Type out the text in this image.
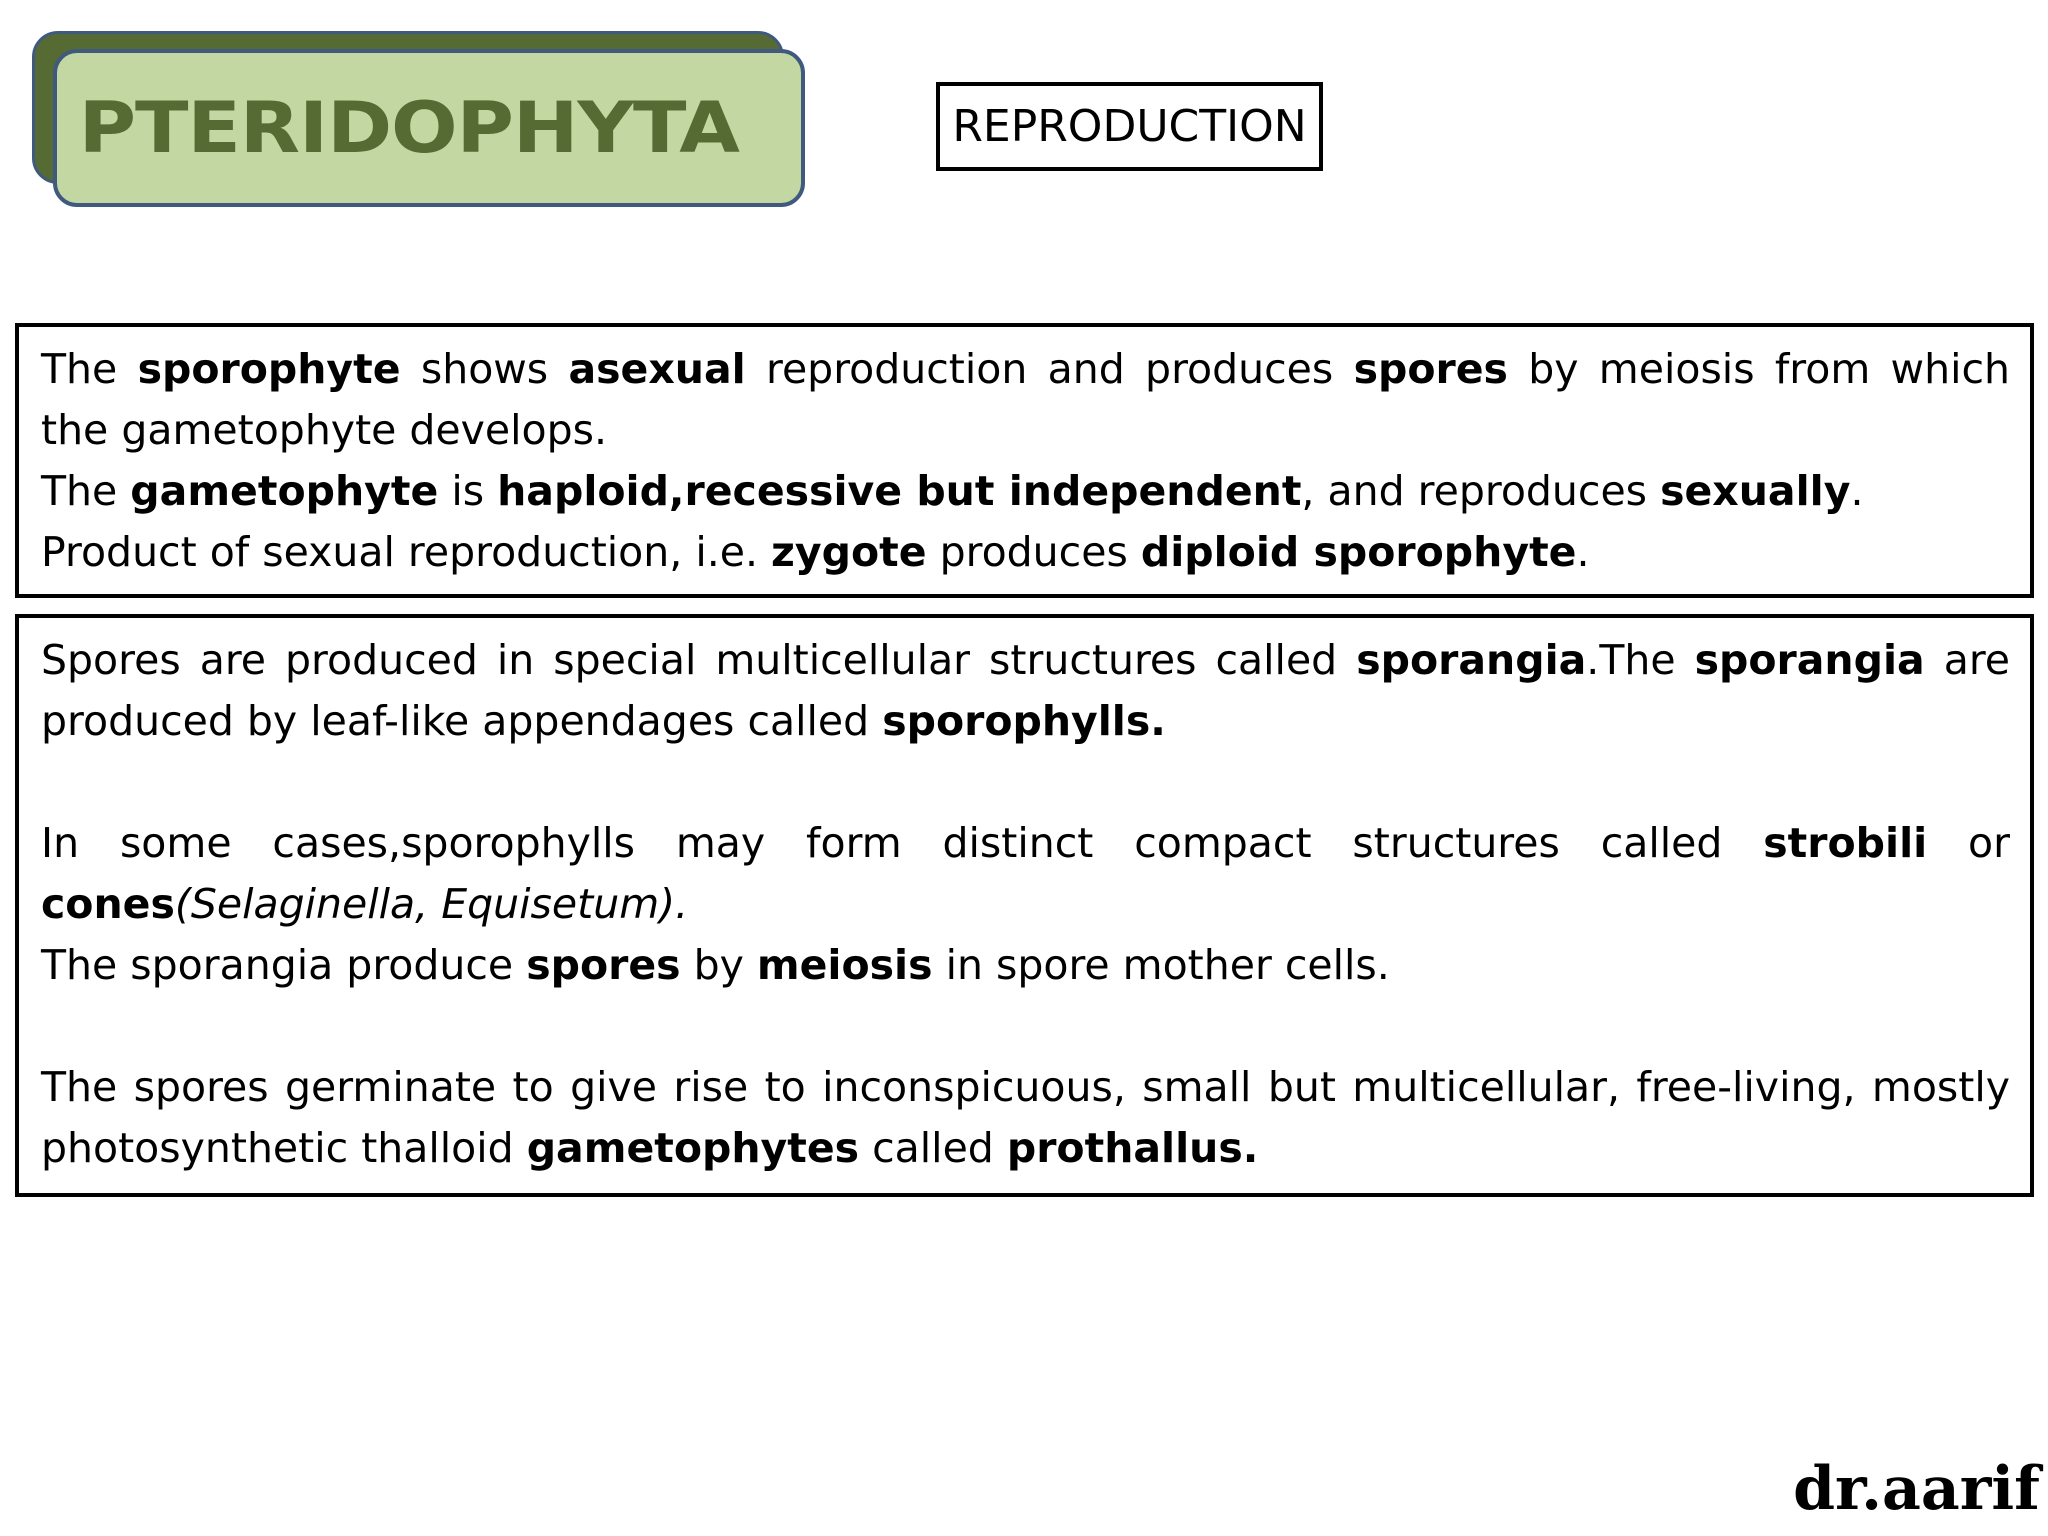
PTERIDOPHYTA	REPRODUCTION

The sporophyte shows asexual reproduction and produces spores by meiosis from which the gametophyte develops.

The gametophyte is haploid,recessive but independent, and reproduces sexually.

Product of sexual reproduction, i.e. zygote produces diploid sporophyte.

Spores are produced in special multicellular structures called sporangia.The sporangia are produced by leaf-like appendages called sporophylls.

In some cases,sporophylls may form distinct compact structures called strobili or cones(Selaginella, Equisetum).

The sporangia produce spores by meiosis in spore mother cells.

The spores germinate to give rise to inconspicuous, small but multicellular, free-living, mostly photosynthetic thalloid gametophytes called prothallus.

dr.aarif
